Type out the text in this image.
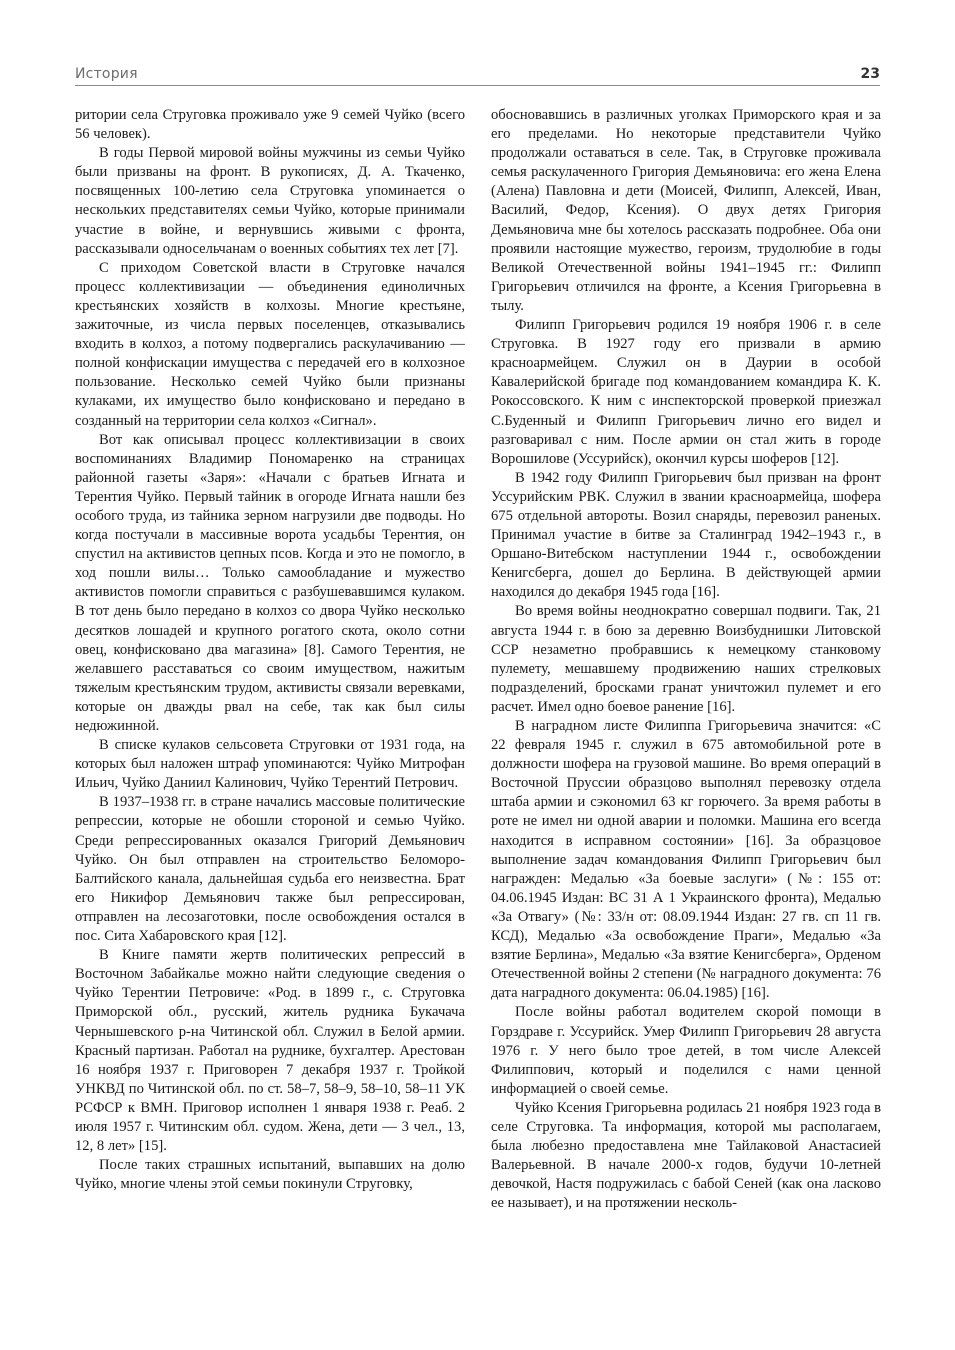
История	23

ритории села Струговка проживало уже 9 семей Чуйко (всего 56 человек).

В годы Первой мировой войны мужчины из семьи Чуйко были призваны на фронт. В рукописях, Д. А. Ткаченко, посвященных 100-летию села Струговка упоминается о нескольких представителях семьи Чуйко, которые принимали участие в войне, и вернувшись живыми с фронта, рассказывали односельчанам о военных событиях тех лет [7].

С приходом Советской власти в Струговке начался процесс коллективизации — объединения единоличных крестьянских хозяйств в колхозы. Многие крестьяне, зажиточные, из числа первых поселенцев, отказывались входить в колхоз, а потому подвергались раскулачиванию — полной конфискации имущества с передачей его в колхозное пользование. Несколько семей Чуйко были признаны кулаками, их имущество было конфисковано и передано в созданный на территории села колхоз «Сигнал».

Вот как описывал процесс коллективизации в своих воспоминаниях Владимир Пономаренко на страницах районной газеты «Заря»: «Начали с братьев Игната и Терентия Чуйко. Первый тайник в огороде Игната нашли без особого труда, из тайника зерном нагрузили две подводы. Но когда постучали в массивные ворота усадьбы Терентия, он спустил на активистов цепных псов. Когда и это не помогло, в ход пошли вилы… Только самообладание и мужество активистов помогли справиться с разбушевавшимся кулаком. В тот день было передано в колхоз со двора Чуйко несколько десятков лошадей и крупного рогатого скота, около сотни овец, конфисковано два магазина» [8]. Самого Терентия, не желавшего расставаться со своим имуществом, нажитым тяжелым крестьянским трудом, активисты связали веревками, которые он дважды рвал на себе, так как был силы недюжинной.

В списке кулаков сельсовета Струговки от 1931 года, на которых был наложен штраф упоминаются: Чуйко Митрофан Ильич, Чуйко Даниил Калинович, Чуйко Терентий Петрович.

В 1937–1938 гг. в стране начались массовые политические репрессии, которые не обошли стороной и семью Чуйко. Среди репрессированных оказался Григорий Демьянович Чуйко. Он был отправлен на строительство Беломоро-Балтийского канала, дальнейшая судьба его неизвестна. Брат его Никифор Демьянович также был репрессирован, отправлен на лесозаготовки, после освобождения остался в пос. Сита Хабаровского края [12].

В Книге памяти жертв политических репрессий в Восточном Забайкалье можно найти следующие сведения о Чуйко Терентии Петровиче: «Род. в 1899 г., с. Струговка Приморской обл., русский, житель рудника Букачача Чернышевского р-на Читинской обл. Служил в Белой армии. Красный партизан. Работал на руднике, бухгалтер. Арестован 16 ноября 1937 г. Приговорен 7 декабря 1937 г. Тройкой УНКВД по Читинской обл. по ст. 58–7, 58–9, 58–10, 58–11 УК РСФСР к ВМН. Приговор исполнен 1 января 1938 г. Реаб. 2 июля 1957 г. Читинским обл. судом. Жена, дети — 3 чел., 13, 12, 8 лет» [15].

После таких страшных испытаний, выпавших на долю Чуйко, многие члены этой семьи покинули Струговку,

обосновавшись в различных уголках Приморского края и за его пределами. Но некоторые представители Чуйко продолжали оставаться в селе. Так, в Струговке проживала семья раскулаченного Григория Демьяновича: его жена Елена (Алена) Павловна и дети (Моисей, Филипп, Алексей, Иван, Василий, Федор, Ксения). О двух детях Григория Демьяновича мне бы хотелось рассказать подробнее. Оба они проявили настоящие мужество, героизм, трудолюбие в годы Великой Отечественной войны 1941–1945 гг.: Филипп Григорьевич отличился на фронте, а Ксения Григорьевна в тылу.

Филипп Григорьевич родился 19 ноября 1906 г. в селе Струговка. В 1927 году его призвали в армию красноармейцем. Служил он в Даурии в особой Кавалерийской бригаде под командованием командира К. К. Рокоссовского. К ним с инспекторской проверкой приезжал С.Буденный и Филипп Григорьевич лично его видел и разговаривал с ним. После армии он стал жить в городе Ворошилове (Уссурийск), окончил курсы шоферов [12].

В 1942 году Филипп Григорьевич был призван на фронт Уссурийским РВК. Служил в звании красноармейца, шофера 675 отдельной автороты. Возил снаряды, перевозил раненых. Принимал участие в битве за Сталинград 1942–1943 г., в Оршано-Витебском наступлении 1944 г., освобождении Кенигсберга, дошел до Берлина. В действующей армии находился до декабря 1945 года [16].

Во время войны неоднократно совершал подвиги. Так, 21 августа 1944 г. в бою за деревню Воизбуднишки Литовской ССР незаметно пробравшись к немецкому станковому пулемету, мешавшему продвижению наших стрелковых подразделений, бросками гранат уничтожил пулемет и его расчет. Имел одно боевое ранение [16].

В наградном листе Филиппа Григорьевича значится: «С 22 февраля 1945 г. служил в 675 автомобильной роте в должности шофера на грузовой машине. Во время операций в Восточной Пруссии образцово выполнял перевозку отдела штаба армии и сэкономил 63 кг горючего. За время работы в роте не имел ни одной аварии и поломки. Машина его всегда находится в исправном состоянии» [16]. За образцовое выполнение задач командования Филипп Григорьевич был награжден: Медалью «За боевые заслуги» (№: 155 от: 04.06.1945 Издан: ВС 31 А 1 Украинского фронта), Медалью «За Отвагу» (№: 33/н от: 08.09.1944 Издан: 27 гв. сп 11 гв. КСД), Медалью «За освобождение Праги», Медалью «За взятие Берлина», Медалью «За взятие Кенигсберга», Орденом Отечественной войны 2 степени (№ наградного документа: 76 дата наградного документа: 06.04.1985) [16].

После войны работал водителем скорой помощи в Горздраве г. Уссурийск. Умер Филипп Григорьевич 28 августа 1976 г. У него было трое детей, в том числе Алексей Филиппович, который и поделился с нами ценной информацией о своей семье.

Чуйко Ксения Григорьевна родилась 21 ноября 1923 года в селе Струговка. Та информация, которой мы располагаем, была любезно предоставлена мне Тайлаковой Анастасией Валерьевной. В начале 2000-х годов, будучи 10-летней девочкой, Настя подружилась с бабой Сеней (как она ласково ее называет), и на протяжении несколь-
